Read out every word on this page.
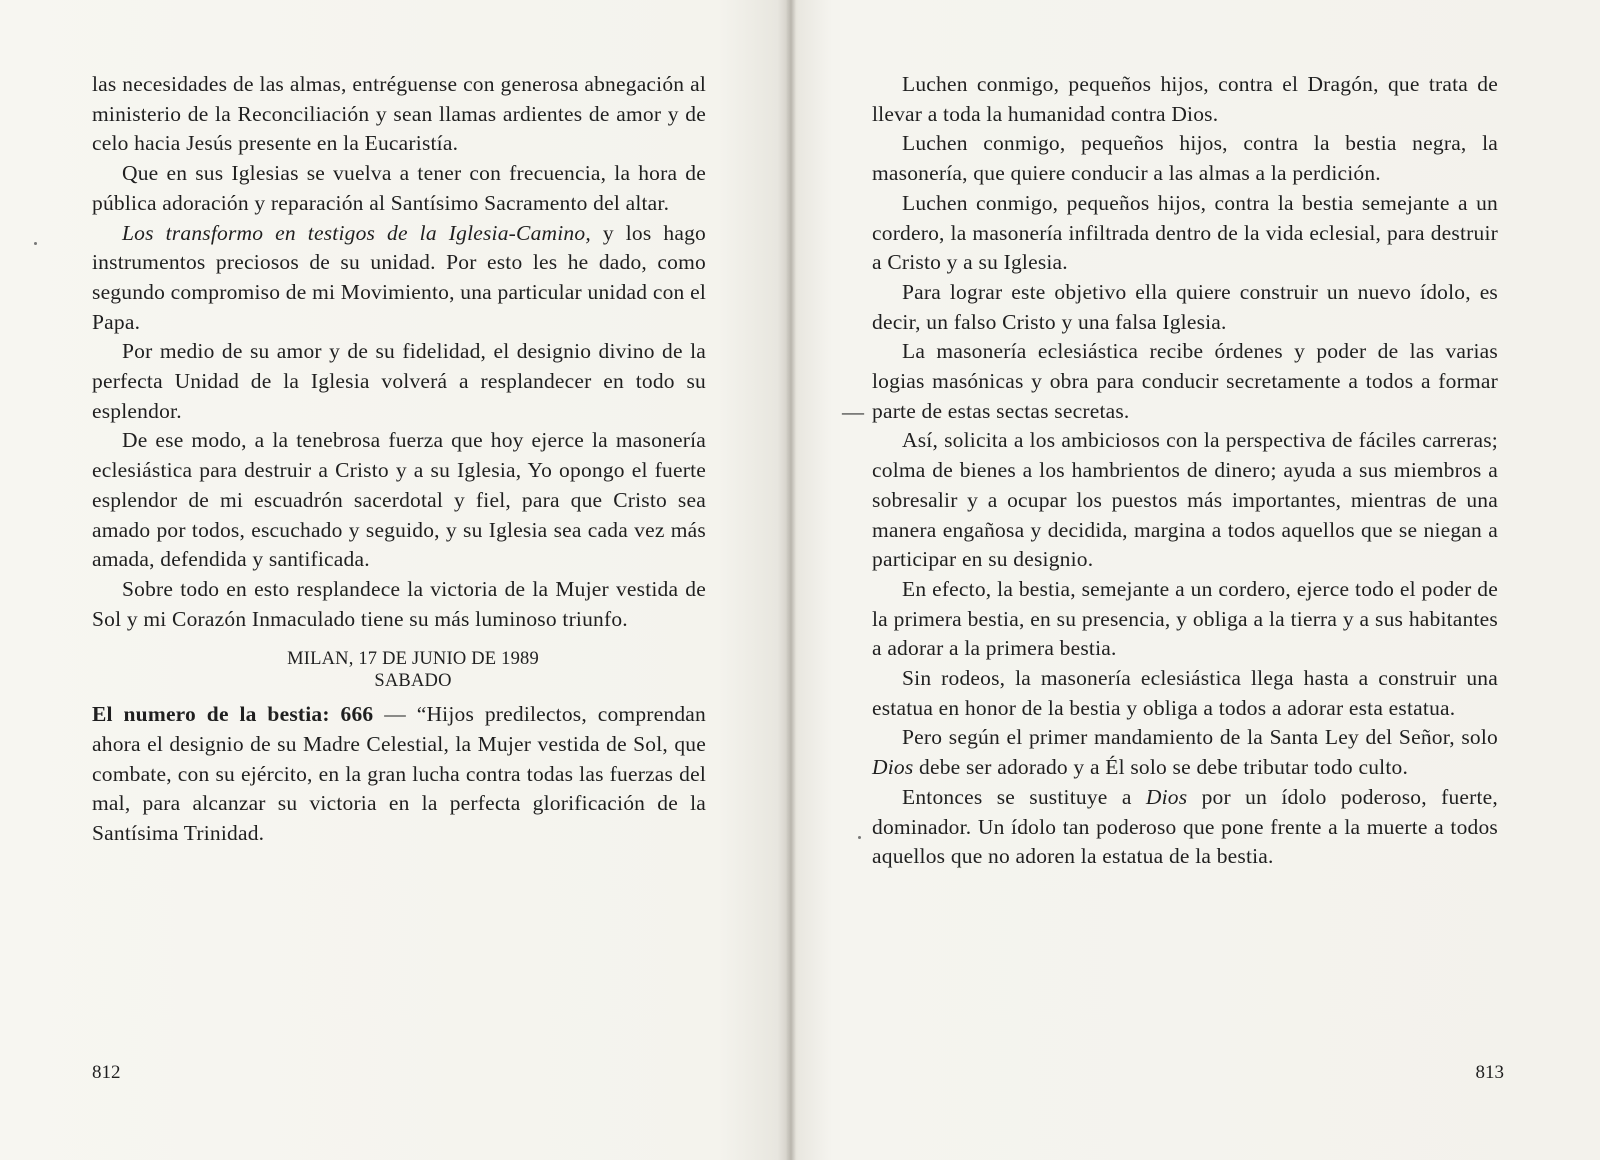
las necesidades de las almas, entréguense con generosa abnegación al ministerio de la Reconciliación y sean llamas ardientes de amor y de celo hacia Jesús presente en la Eucaristía.

Que en sus Iglesias se vuelva a tener con frecuencia, la hora de pública adoración y reparación al Santísimo Sacramento del altar.

Los transformo en testigos de la Iglesia-Camino, y los hago instrumentos preciosos de su unidad. Por esto les he dado, como segundo compromiso de mi Movimiento, una particular unidad con el Papa.

Por medio de su amor y de su fidelidad, el designio divino de la perfecta Unidad de la Iglesia volverá a resplandecer en todo su esplendor.

De ese modo, a la tenebrosa fuerza que hoy ejerce la masonería eclesiástica para destruir a Cristo y a su Iglesia, Yo opongo el fuerte esplendor de mi escuadrón sacerdotal y fiel, para que Cristo sea amado por todos, escuchado y seguido, y su Iglesia sea cada vez más amada, defendida y santificada.

Sobre todo en esto resplandece la victoria de la Mujer vestida de Sol y mi Corazón Inmaculado tiene su más luminoso triunfo.

MILAN, 17 DE JUNIO DE 1989
SABADO

El numero de la bestia: 666 — “Hijos predilectos, comprendan ahora el designio de su Madre Celestial, la Mujer vestida de Sol, que combate, con su ejército, en la gran lucha contra todas las fuerzas del mal, para alcanzar su victoria en la perfecta glorificación de la Santísima Trinidad.

812
—

Luchen conmigo, pequeños hijos, contra el Dragón, que trata de llevar a toda la humanidad contra Dios.

Luchen conmigo, pequeños hijos, contra la bestia negra, la masonería, que quiere conducir a las almas a la perdición.

Luchen conmigo, pequeños hijos, contra la bestia semejante a un cordero, la masonería infiltrada dentro de la vida eclesial, para destruir a Cristo y a su Iglesia.

Para lograr este objetivo ella quiere construir un nuevo ídolo, es decir, un falso Cristo y una falsa Iglesia.

La masonería eclesiástica recibe órdenes y poder de las varias logias masónicas y obra para conducir secretamente a todos a formar parte de estas sectas secretas.

Así, solicita a los ambiciosos con la perspectiva de fáciles carreras; colma de bienes a los hambrientos de dinero; ayuda a sus miembros a sobresalir y a ocupar los puestos más importantes, mientras de una manera engañosa y decidida, margina a todos aquellos que se niegan a participar en su designio.

En efecto, la bestia, semejante a un cordero, ejerce todo el poder de la primera bestia, en su presencia, y obliga a la tierra y a sus habitantes a adorar a la primera bestia.

Sin rodeos, la masonería eclesiástica llega hasta a construir una estatua en honor de la bestia y obliga a todos a adorar esta estatua.

Pero según el primer mandamiento de la Santa Ley del Señor, solo Dios debe ser adorado y a Él solo se debe tributar todo culto.

Entonces se sustituye a Dios por un ídolo poderoso, fuerte, dominador. Un ídolo tan poderoso que pone frente a la muerte a todos aquellos que no adoren la estatua de la bestia.

813
